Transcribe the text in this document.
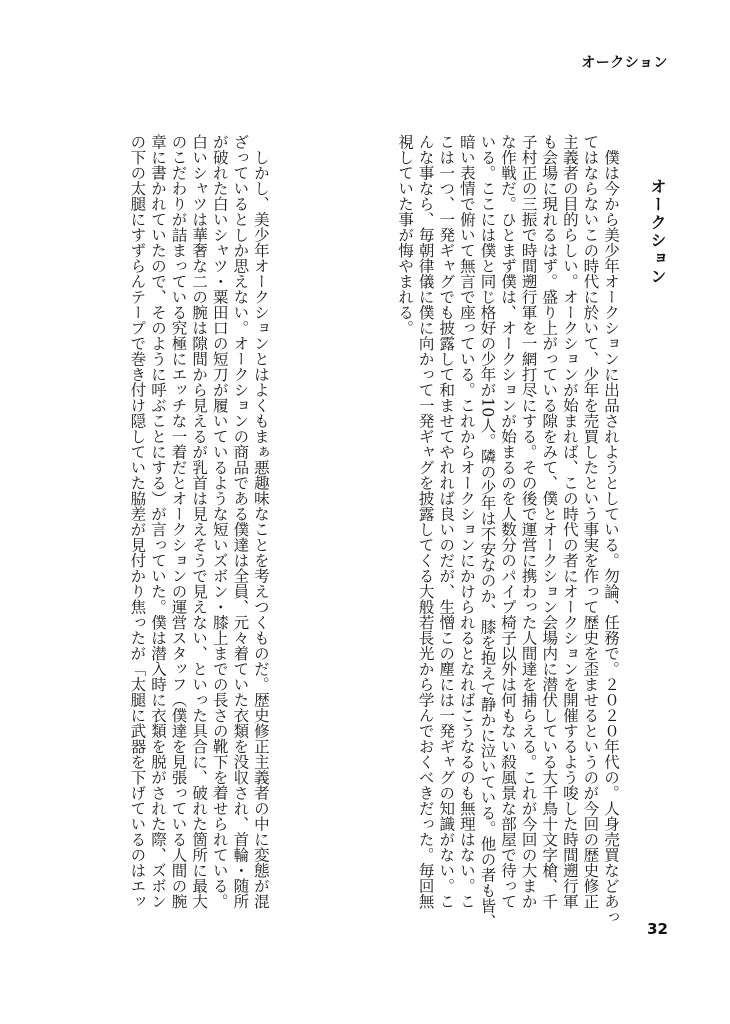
オークション
オークション
　僕は今から美少年オークションに出品されようとしている。勿論、任務で。２０２０年代の。人身売買などあっ
てはならないこの時代に於いて、少年を売買したという事実を作って歴史を歪ませるというのが今回の歴史修正
主義者の目的らしい。オークションが始まれば、この時代の者にオークションを開催するよう唆した時間遡行軍
も会場に現れるはず。盛り上がっている隙をみて、僕とオークション会場内に潜伏している大千鳥十文字槍、千
子村正の三振で時間遡行軍を一網打尽にする。その後で運営に携わった人間達を捕らえる。これが今回の大まか
な作戦だ。ひとまず僕は、オークションが始まるのを人数分のパイプ椅子以外は何もない殺風景な部屋で待って
いる。ここには僕と同じ格好の少年が10人。隣の少年は不安なのか、膝を抱えて静かに泣いている。他の者も皆、
暗い表情で俯いて無言で座っている。これからオークションにかけられるとなればこうなるのも無理はない。こ
こは一つ、一発ギャグでも披露して和ませてやれれば良いのだが、生憎この塵には一発ギャグの知識がない。こ
んな事なら、毎朝律儀に僕に向かって一発ギャグを披露してくる大般若長光から学んでおくべきだった。毎回無
視していた事が悔やまれる。

　しかし、美少年オークションとはよくもまぁ悪趣味なことを考えつくものだ。歴史修正主義者の中に変態が混
ざっているとしか思えない。オークションの商品である僕達は全員、元々着ていた衣類を没収され、首輪・随所
が破れた白いシャツ・粟田口の短刀が履いているような短いズボン・膝上までの長さの靴下を着せられている。
白いシャツは華奢な二の腕は隙間から見えるが乳首は見えそうで見えない、といった具合に、破れた箇所に最大
のこだわりが詰まっている究極にエッチな一着だとオークションの運営スタッフ（僕達を見張っている人間の腕
章に書かれていたので、そのように呼ぶことにする）が言っていた。僕は潜入時に衣類を脱がされた際、ズボン
の下の太腿にすずらんテープで巻き付け隠していた脇差が見付かり焦ったが「太腿に武器を下げているのはエッ
32
